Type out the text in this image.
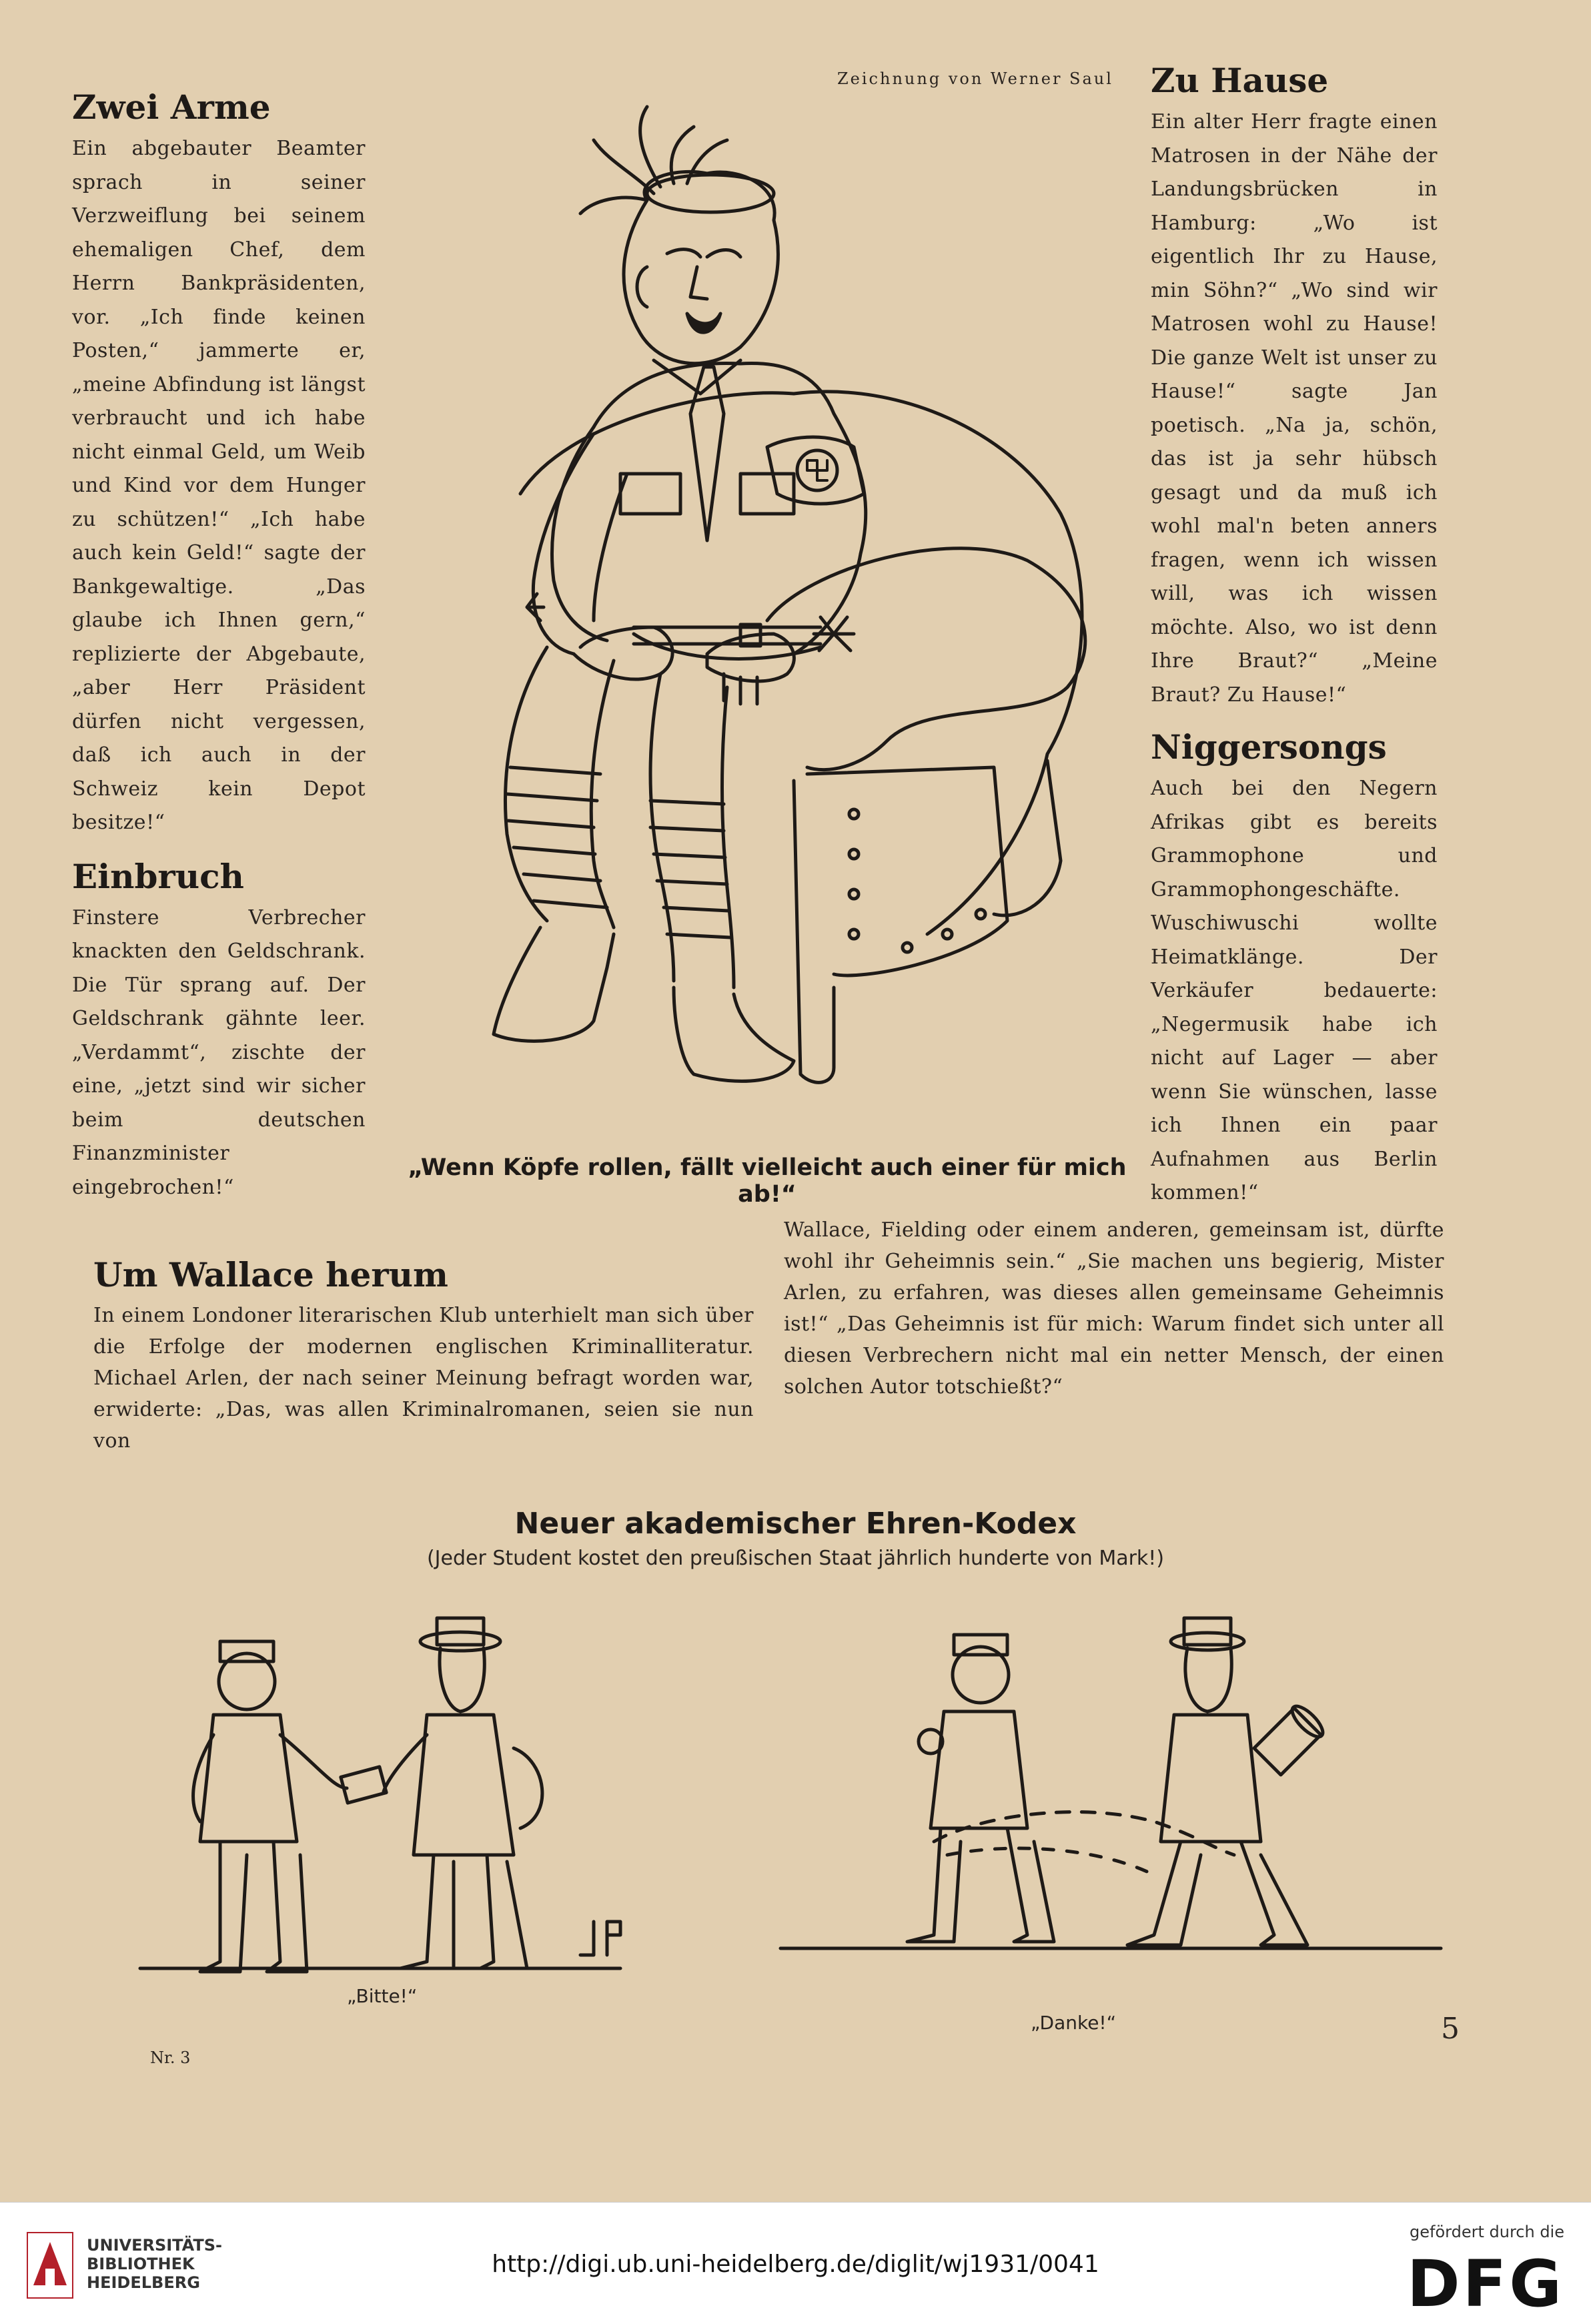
Zwei Arme

Ein abgebauter Beamter sprach in seiner Verzweiflung bei seinem ehemaligen Chef, dem Herrn Bankpräsidenten, vor. „Ich finde keinen Posten,“ jammerte er, „meine Abfindung ist längst verbraucht und ich habe nicht einmal Geld, um Weib und Kind vor dem Hunger zu schützen!“ „Ich habe auch kein Geld!“ sagte der Bankgewaltige. „Das glaube ich Ihnen gern,“ replizierte der Abgebaute, „aber Herr Präsident dürfen nicht vergessen, daß ich auch in der Schweiz kein Depot besitze!“

Einbruch

Finstere Verbrecher knackten den Geldschrank. Die Tür sprang auf. Der Geldschrank gähnte leer. „Verdammt“, zischte der eine, „jetzt sind wir sicher beim deutschen Finanzminister eingebrochen!“

Zeichnung von Werner Saul Zu Hause

Ein alter Herr fragte einen Matrosen in der Nähe der Landungsbrücken in Hamburg: „Wo ist eigentlich Ihr zu Hause, min Söhn?“ „Wo sind wir Matrosen wohl zu Hause! Die ganze Welt ist unser zu Hause!“ sagte Jan poetisch. „Na ja, schön, das ist ja sehr hübsch gesagt und da muß ich wohl mal'n beten anners fragen, wenn ich wissen will, was ich wissen möchte. Also, wo ist denn Ihre Braut?“ „Meine Braut? Zu Hause!“

Niggersongs

Auch bei den Negern Afrikas gibt es bereits Grammophone und Grammophongeschäfte. Wuschiwuschi wollte Heimatklänge. Der Verkäufer bedauerte: „Negermusik habe ich nicht auf Lager — aber wenn Sie wünschen, lasse ich Ihnen ein paar Aufnahmen aus Berlin kommen!“

„Wenn Köpfe rollen, fällt vielleicht auch einer für mich ab!“
Um Wallace herum

In einem Londoner literarischen Klub unterhielt man sich über die Erfolge der modernen englischen Kriminalliteratur. Michael Arlen, der nach seiner Meinung befragt worden war, erwiderte: „Das, was allen Kriminalromanen, seien sie nun von

Wallace, Fielding oder einem anderen, gemeinsam ist, dürfte wohl ihr Geheimnis sein.“ „Sie machen uns begierig, Mister Arlen, zu erfahren, was dieses allen gemeinsame Geheimnis ist!“ „Das Geheimnis ist für mich: Warum findet sich unter all diesen Verbrechern nicht mal ein netter Mensch, der einen solchen Autor totschießt?“

Neuer akademischer Ehren-Kodex
(Jeder Student kostet den preußischen Staat jährlich hunderte von Mark!)
„Bitte!“
„Danke!“
Nr. 3
5
UNIVERSITÄTS-
BIBLIOTHEK
HEIDELBERG
http://digi.ub.uni-heidelberg.de/diglit/wj1931/0041
gefördert durch die
DFG
